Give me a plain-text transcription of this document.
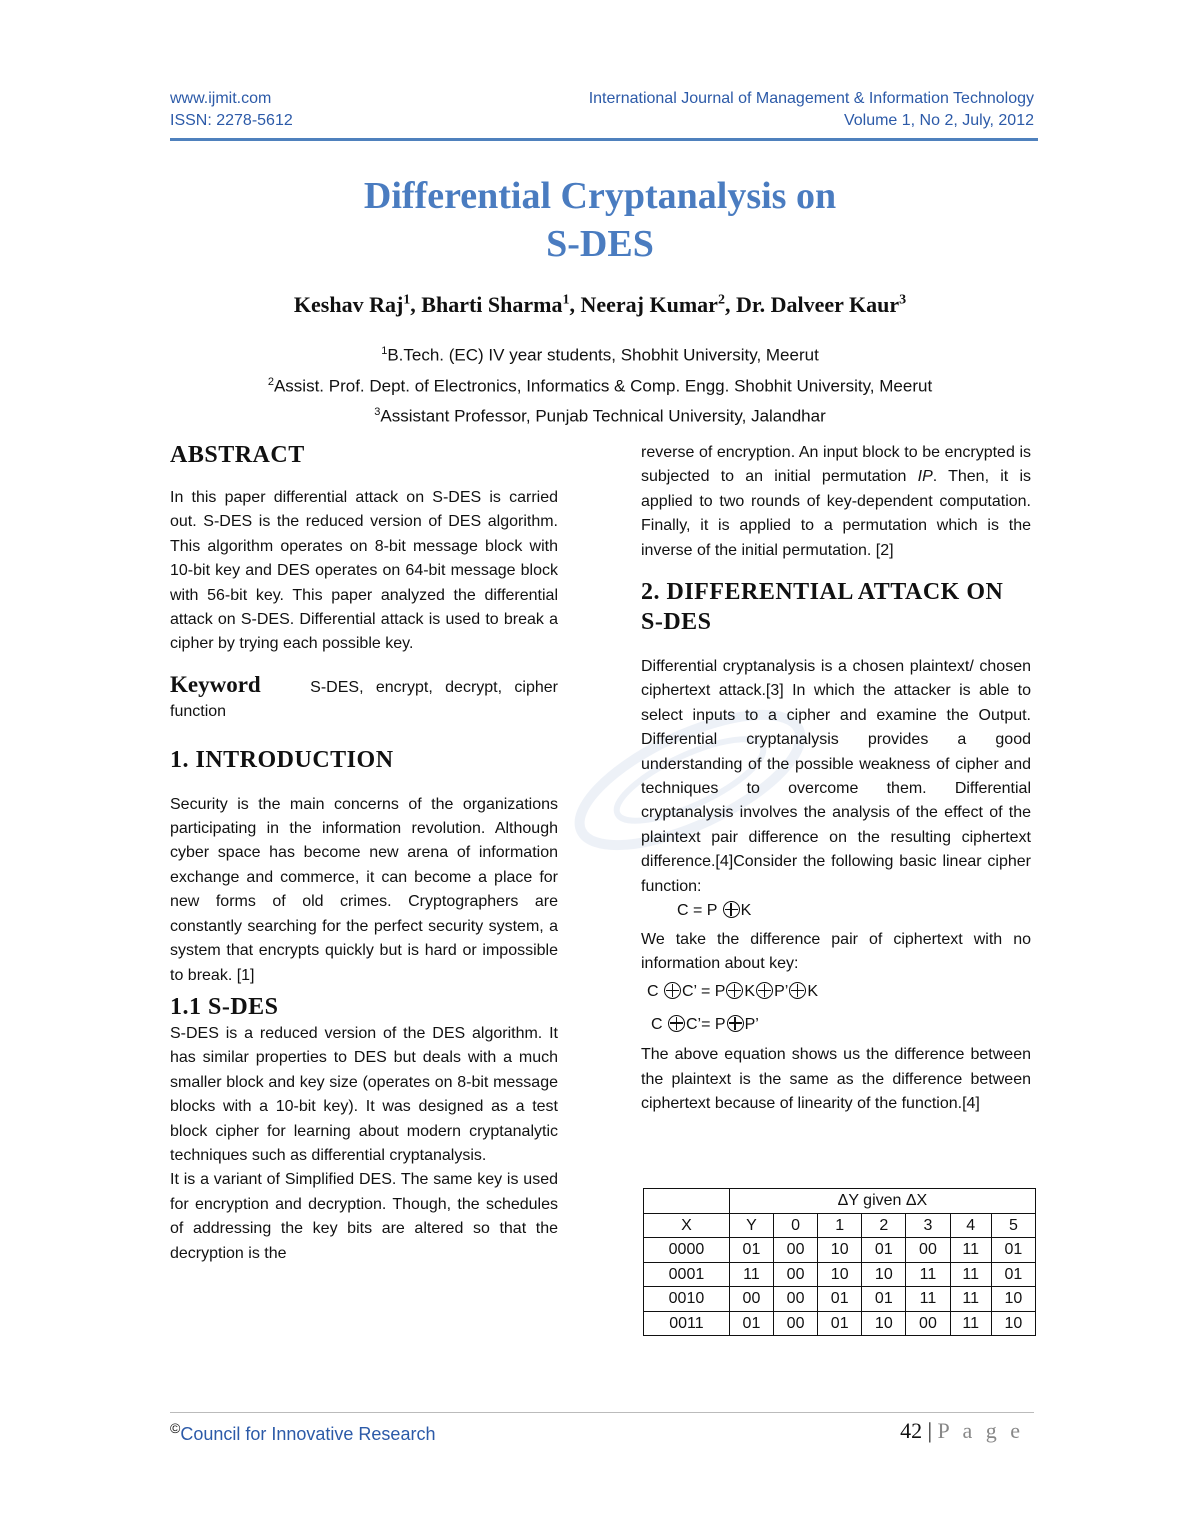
www.ijmit.com
ISSN: 2278-5612
International Journal of Management & Information Technology
Volume 1, No 2, July, 2012
Differential Cryptanalysis on
S-DES
Keshav Raj$^1$, Bharti Sharma$^1$, Neeraj Kumar$^2$, Dr. Dalveer Kaur$^3$
$^1$B.Tech. (EC) IV year students, Shobhit University, Meerut
$^2$Assist. Prof. Dept. of Electronics, Informatics & Comp. Engg. Shobhit University, Meerut
$^3$Assistant Professor, Punjab Technical University, Jalandhar
ABSTRACT

In this paper differential attack on S-DES is carried out. S-DES is the reduced version of DES algorithm. This algorithm operates on 8-bit message block with 10-bit key and DES operates on 64-bit message block with 56-bit key. This paper analyzed the differential attack on S-DES. Differential attack is used to break a cipher by trying each possible key.

Keyword	S-DES, encrypt, decrypt, cipher function

1. INTRODUCTION

Security is the main concerns of the organizations participating in the information revolution. Although cyber space has become new arena of information exchange and commerce, it can become a place for new forms of old crimes. Cryptographers are constantly searching for the perfect security system, a system that encrypts quickly but is hard or impossible to break. [1]

1.1 S-DES

S-DES is a reduced version of the DES algorithm. It has similar properties to DES but deals with a much smaller block and key size (operates on 8-bit message blocks with a 10-bit key). It was designed as a test block cipher for learning about modern cryptanalytic techniques such as differential cryptanalysis.

It is a variant of Simplified DES. The same key is used for encryption and decryption. Though, the schedules of addressing the key bits are altered so that the decryption is the

reverse of encryption. An input block to be encrypted is subjected to an initial permutation IP. Then, it is applied to two rounds of key-dependent computation. Finally, it is applied to a permutation which is the inverse of the initial permutation. [2]

2. DIFFERENTIAL ATTACK ON S-DES

Differential cryptanalysis is a chosen plaintext/ chosen ciphertext attack.[3] In which the attacker is able to select inputs to a cipher and examine the Output. Differential cryptanalysis provides a good understanding of the possible weakness of cipher and techniques to overcome them. Differential cryptanalysis involves the analysis of the effect of the plaintext pair difference on the resulting ciphertext difference.[4]Consider the following basic linear cipher function:

C = P K

We take the difference pair of ciphertext with no information about key:

C C’ = P K P’ K

C C’= P P’

The above equation shows us the difference between the plaintext is the same as the difference between ciphertext because of linearity of the function.[4]

	ΔY given ΔX						
X	Y	0	1	2	3	4	5
0000	01	00	10	01	00	11	01
0001	11	00	10	10	11	11	01
0010	00	00	01	01	11	11	10
0011	01	00	01	10	00	11	10
©Council for Innovative Research	42 | P a g e
